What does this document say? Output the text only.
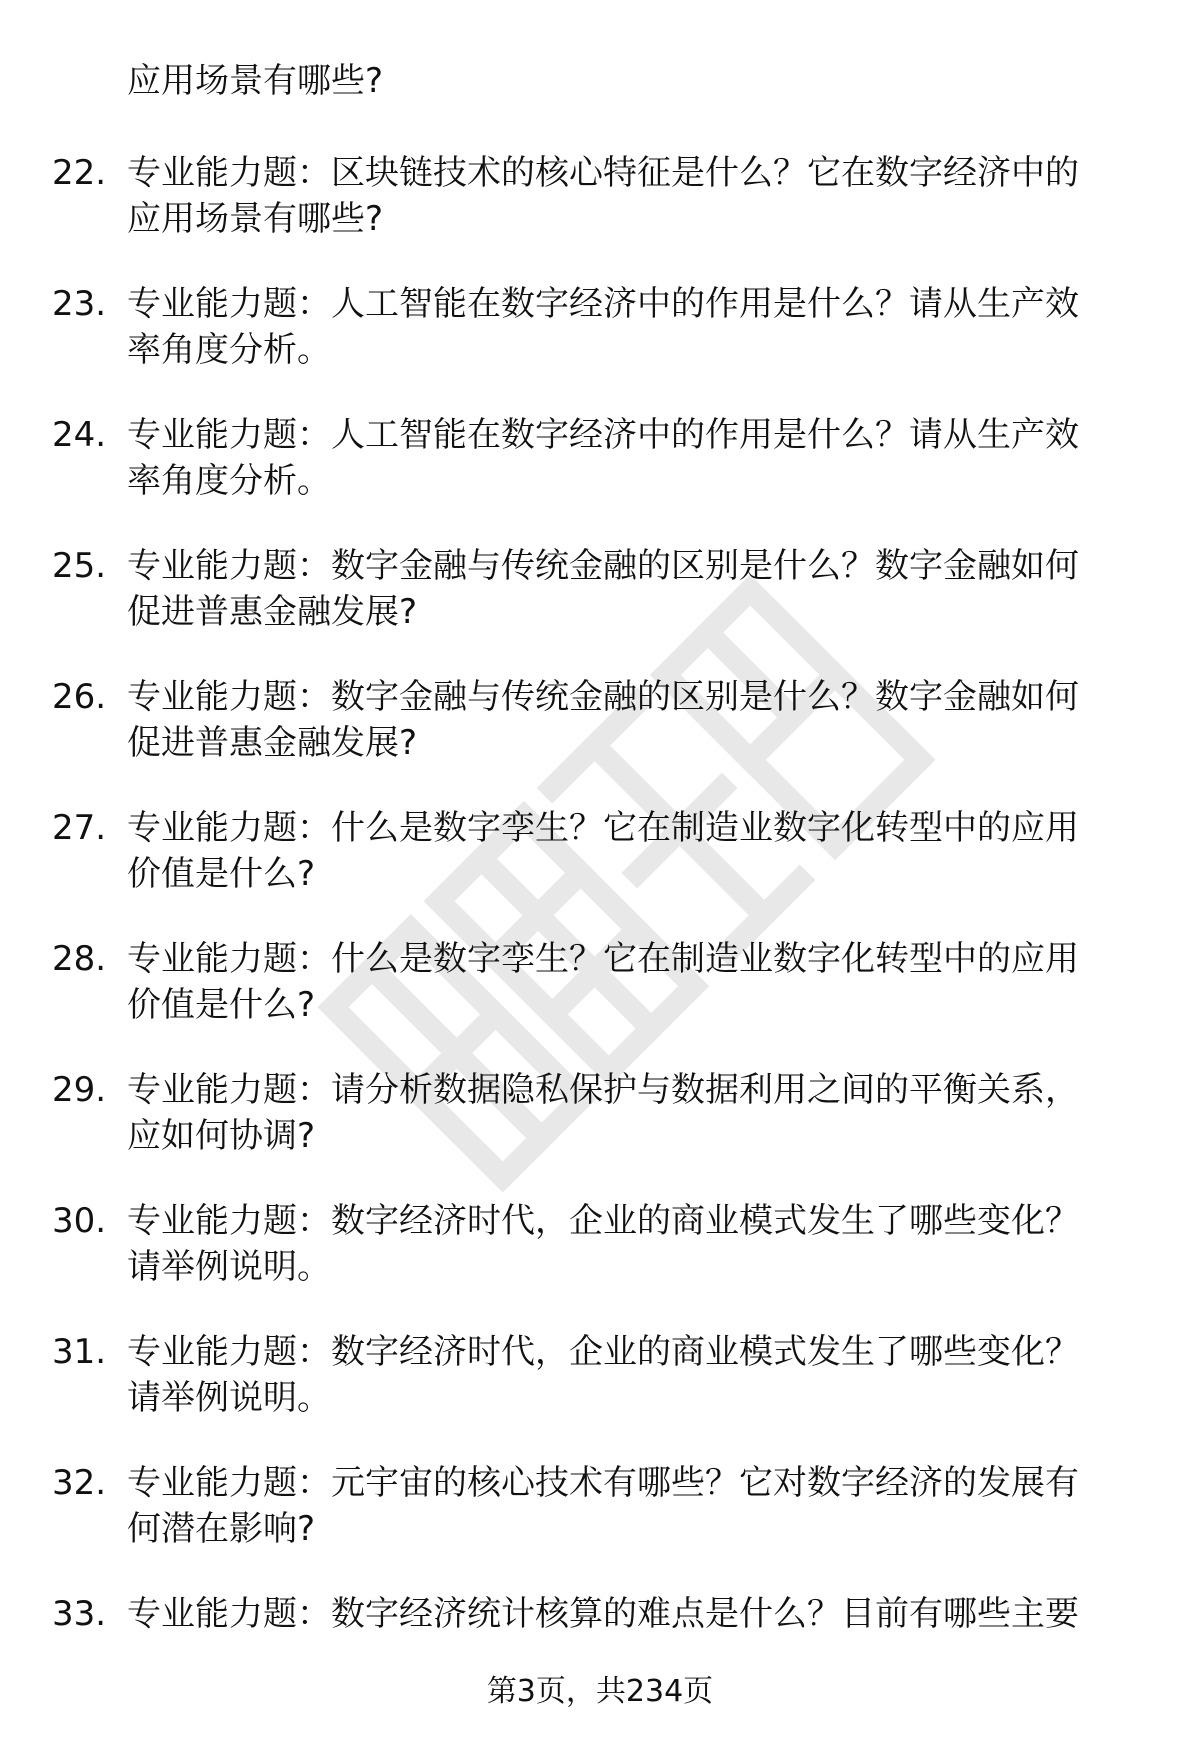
应用场景有哪些?
22. 专业能力题：区块链技术的核心特征是什么？它在数字经济中的
应用场景有哪些?
23. 专业能力题：人工智能在数字经济中的作用是什么？请从生产效
率角度分析。
24. 专业能力题：人工智能在数字经济中的作用是什么？请从生产效
率角度分析。
25. 专业能力题：数字金融与传统金融的区别是什么？数字金融如何
促进普惠金融发展?
26. 专业能力题：数字金融与传统金融的区别是什么？数字金融如何
促进普惠金融发展?
27. 专业能力题：什么是数字孪生？它在制造业数字化转型中的应用
价值是什么?
28. 专业能力题：什么是数字孪生？它在制造业数字化转型中的应用
价值是什么?
29. 专业能力题：请分析数据隐私保护与数据利用之间的平衡关系，
应如何协调?
30. 专业能力题：数字经济时代，企业的商业模式发生了哪些变化？
请举例说明。
31. 专业能力题：数字经济时代，企业的商业模式发生了哪些变化？
请举例说明。
32. 专业能力题：元宇宙的核心技术有哪些？它对数字经济的发展有
何潜在影响?
33. 专业能力题：数字经济统计核算的难点是什么？目前有哪些主要
第3页，共234页
